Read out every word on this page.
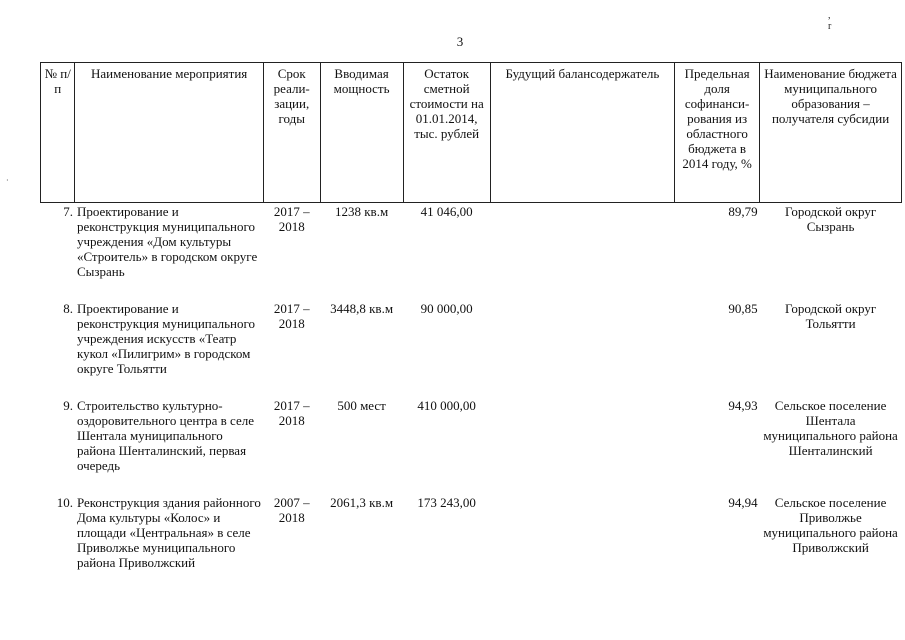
, r
·
3
№ п/п	Наименование мероприятия	Срок реали-зации, годы	Вводимая мощность	Остаток сметной стоимости на 01.01.2014, тыс. рублей	Будущий балансодержатель	Предельная доля софинанси-рования из областного бюджета в 2014 году, %	Наименование бюджета муниципального образования – получателя субсидии
7.	Проектирование и реконструкция муниципального учреждения «Дом культуры «Строитель» в городском округе Сызрань	2017 – 2018	1238 кв.м	41 046,00		89,79	Городской округ Сызрань
8.	Проектирование и реконструкция муниципального учреждения искусств «Театр кукол «Пилигрим» в городском округе Тольятти	2017 – 2018	3448,8 кв.м	90 000,00		90,85	Городской округ Тольятти
9.	Строительство культурно-оздоровительного центра в селе Шентала муниципального района Шенталинский, первая очередь	2017 – 2018	500 мест	410 000,00		94,93	Сельское поселение Шентала муниципального района Шенталинский
10.	Реконструкция здания районного Дома культуры «Колос» и площади «Центральная» в селе Приволжье муниципального района Приволжский	2007 – 2018	2061,3 кв.м	173 243,00		94,94	Сельское поселение Приволжье муниципального района Приволжский
